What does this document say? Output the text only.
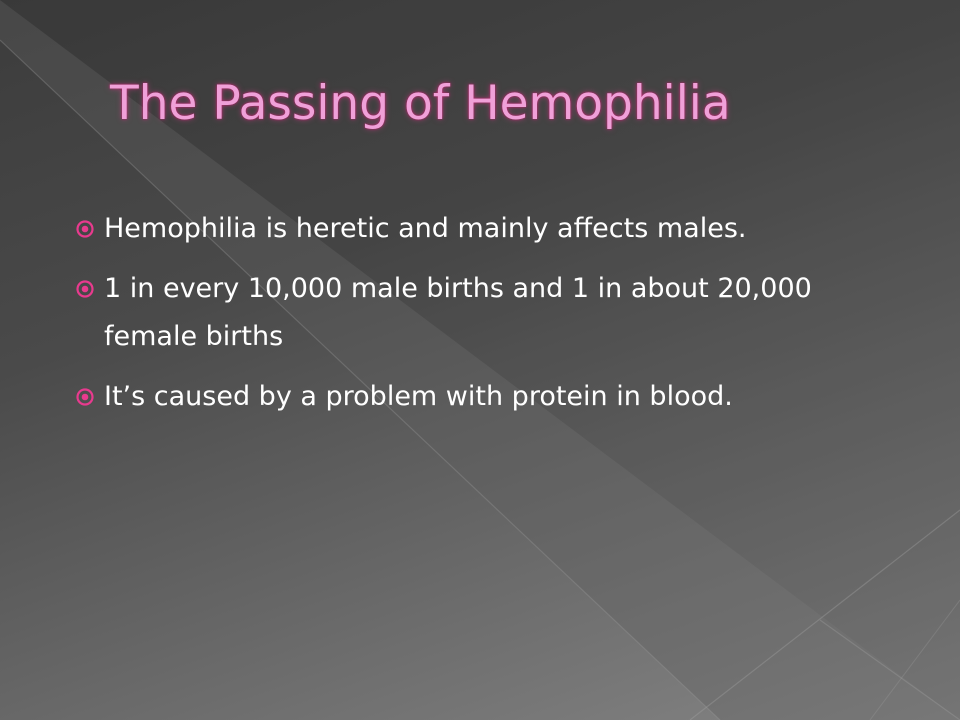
The Passing of Hemophilia
Hemophilia is heretic and mainly affects males.
1 in every 10,000 male births and 1 in about 20,000 female births
It’s caused by a problem with protein in blood.
